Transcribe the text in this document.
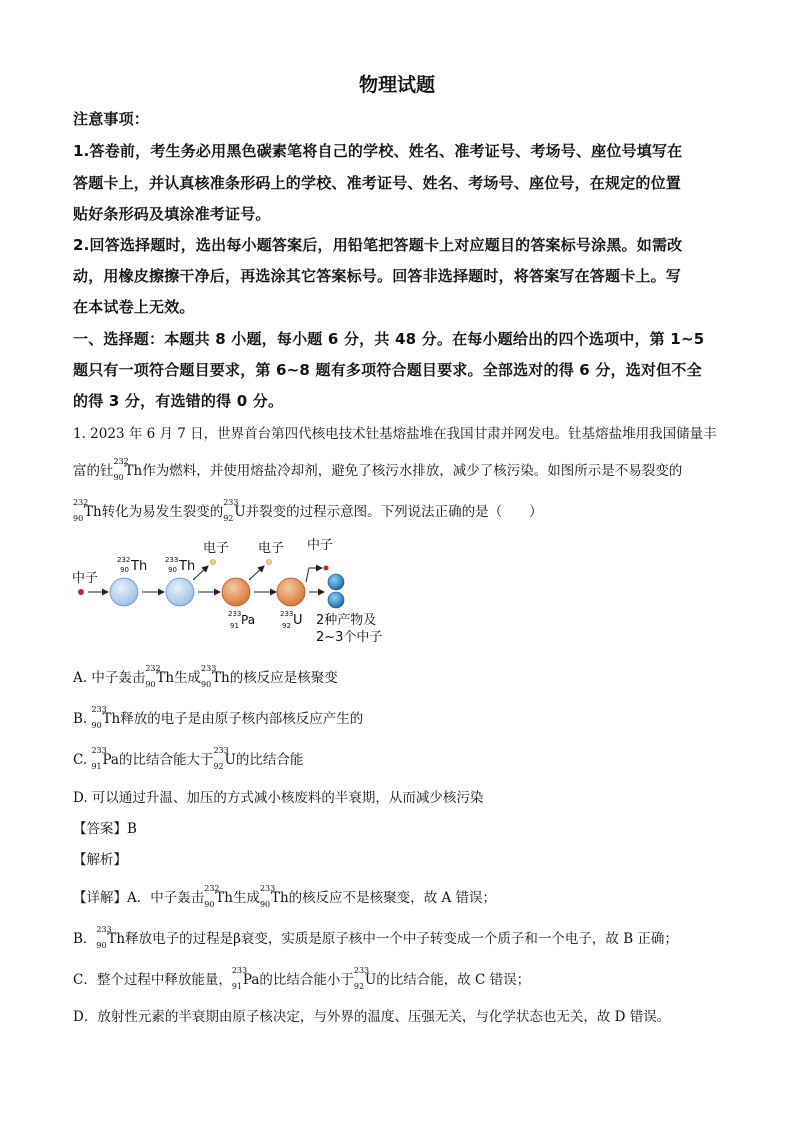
物理试题
注意事项：
1.答卷前，考生务必用黑色碳素笔将自己的学校、姓名、准考证号、考场号、座位号填写在
答题卡上，并认真核准条形码上的学校、准考证号、姓名、考场号、座位号，在规定的位置
贴好条形码及填涂准考证号。
2.回答选择题时，选出每小题答案后，用铅笔把答题卡上对应题目的答案标号涂黑。如需改
动，用橡皮擦擦干净后，再选涂其它答案标号。回答非选择题时，将答案写在答题卡上。写
在本试卷上无效。
一、选择题：本题共 8 小题，每小题 6 分，共 48 分。在每小题给出的四个选项中，第 1~5
题只有一项符合题目要求，第 6~8 题有多项符合题目要求。全部选对的得 6 分，选对但不全
的得 3 分，有选错的得 0 分。
1. 2023 年 6 月 7 日，世界首台第四代核电技术钍基熔盐堆在我国甘肃并网发电。钍基熔盐堆用我国储量丰
富的钍
232
90 Th作为燃料，并使用熔盐冷却剂，避免了核污水排放，减少了核污染。如图所示是不易裂变的
232
90 Th转化为易发生裂变的
233
92 U并裂变的过程示意图。下列说法正确的是（　　）
中子
232
90 Th	233
90 Th
电子
233
91 Pa
电子
233
92 U
中子
2种产物及
2~3个中子
A. 中子轰击
232
90 Th生成
233
90 Th的核反应是核聚变
B.
233
90 Th释放的电子是由原子核内部核反应产生的
C.
233
91 Pa的比结合能大于
233
92 U的比结合能
D. 可以通过升温、加压的方式减小核废料的半衰期，从而减少核污染
【答案】B
【解析】
【详解】A．中子轰击
232
90 Th生成
233
90 Th的核反应不是核聚变，故 A 错误；
B．
233
90 Th释放电子的过程是β衰变，实质是原子核中一个中子转变成一个质子和一个电子，故 B 正确；
C．整个过程中释放能量，
233
91 Pa的比结合能小于
233
92 U的比结合能，故 C 错误；
D．放射性元素的半衰期由原子核决定，与外界的温度、压强无关，与化学状态也无关，故 D 错误。
